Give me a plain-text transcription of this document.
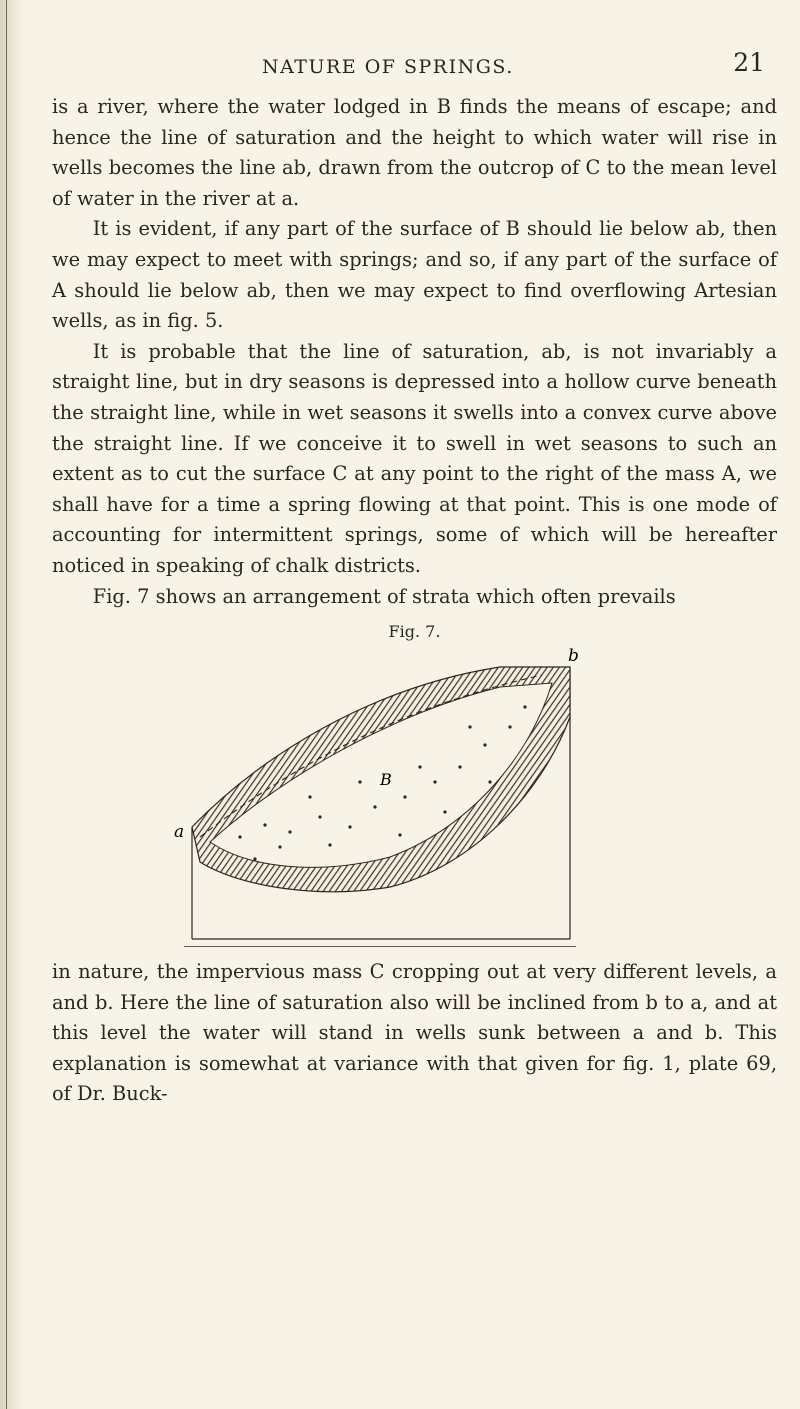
NATURE OF SPRINGS.	21

is a river, where the water lodged in B finds the means of escape; and hence the line of saturation and the height to which water will rise in wells becomes the line ab, drawn from the outcrop of C to the mean level of water in the river at a.

It is evident, if any part of the surface of B should lie below ab, then we may expect to meet with springs; and so, if any part of the surface of A should lie below ab, then we may expect to find overflowing Artesian wells, as in fig. 5.

It is probable that the line of saturation, ab, is not invariably a straight line, but in dry seasons is depressed into a hollow curve beneath the straight line, while in wet seasons it swells into a convex curve above the straight line. If we conceive it to swell in wet seasons to such an extent as to cut the surface C at any point to the right of the mass A, we shall have for a time a spring flowing at that point. This is one mode of accounting for intermittent springs, some of which will be hereafter noticed in speaking of chalk districts.

Fig. 7 shows an arrangement of strata which often prevails

Fig. 7.
a
b
B

in nature, the impervious mass C cropping out at very different levels, a and b. Here the line of saturation also will be inclined from b to a, and at this level the water will stand in wells sunk between a and b. This explanation is somewhat at variance with that given for fig. 1, plate 69, of Dr. Buck-
